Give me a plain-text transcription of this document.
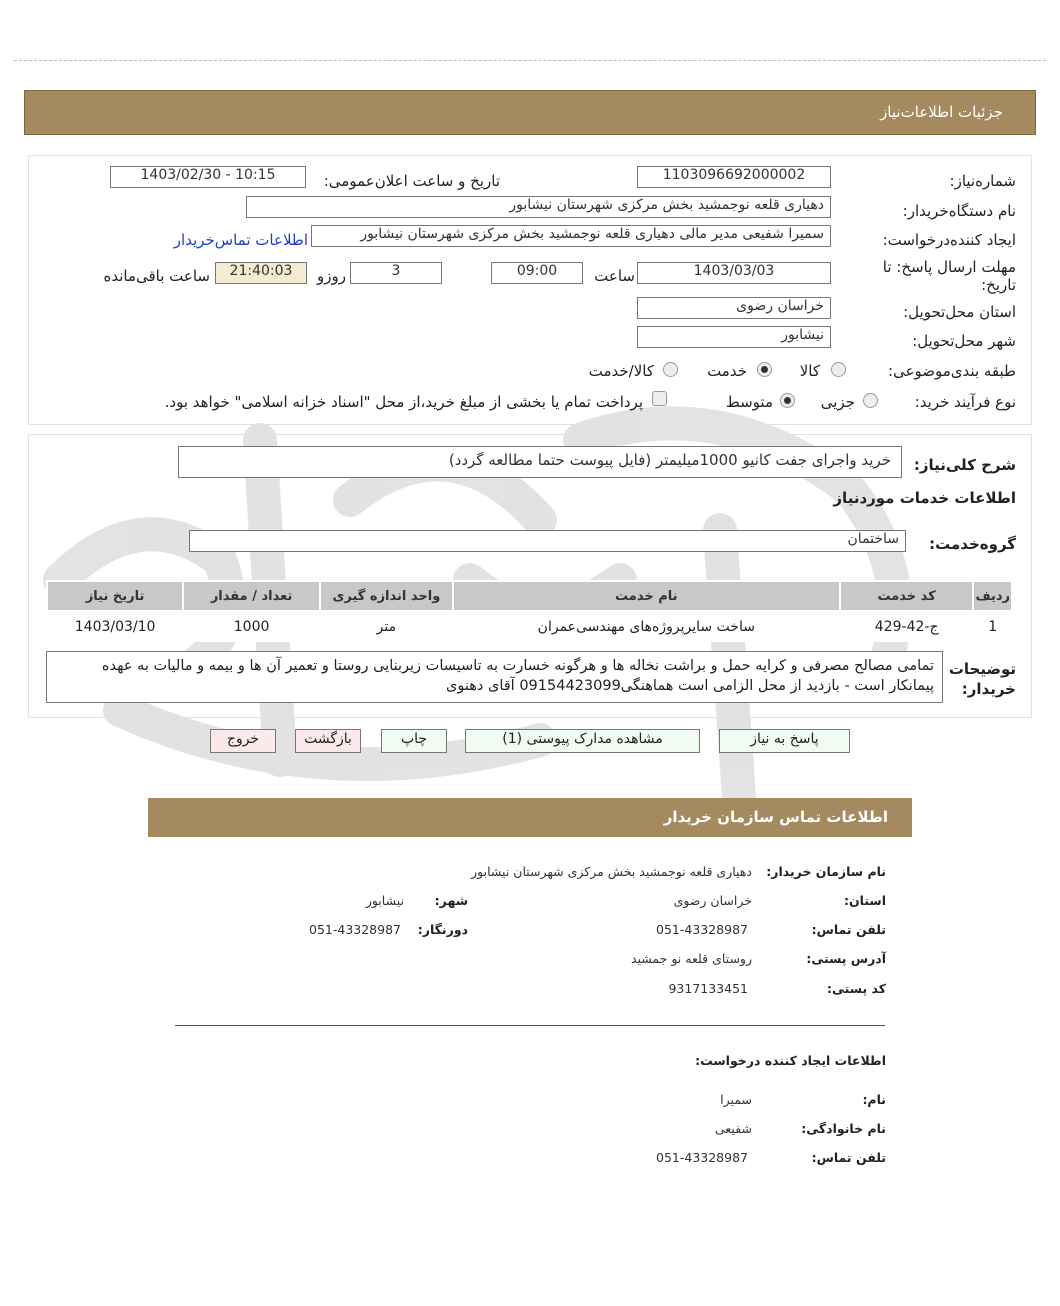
جزئیات اطلاعات‌نیاز
شماره‌نیاز:
1103096692000002
تاریخ و ساعت اعلان‌عمومی:
1403/02/30 - 10:15
نام دستگاه‌خریدار:
دهیاری قلعه نوجمشید بخش مرکزی شهرستان نیشابور
ایجاد کننده‌درخواست:
سمیرا شفیعی مدیر مالی دهیاری قلعه نوجمشید بخش مرکزی شهرستان نیشابور
اطلاعات تماس‌خریدار
مهلت ارسال پاسخ: تا
تاریخ:
1403/03/03
ساعت
09:00
3
روزو
21:40:03
ساعت باقی‌مانده
استان محل‌تحویل:
خراسان رضوی
شهر محل‌تحویل:
نیشابور
طبقه بندی‌موضوعی:
کالا
خدمت
کالا/خدمت
نوع فرآیند خرید:
جزیی
متوسط
پرداخت تمام یا بخشی از مبلغ خرید،از محل "اسناد خزانه اسلامی" خواهد بود.
شرح کلی‌نیاز:
خرید واجرای جفت کانیو 1000میلیمتر (فایل پیوست حتما مطالعه گردد)
اطلاعات خدمات موردنیاز
گروه‌خدمت:
ساختمان
ردیف	کد خدمت	نام خدمت	واحد اندازه گیری	تعداد / مقدار	تاریخ نیاز
1	ج-42-429	ساخت سایرپروژه‌های مهندسی‌عمران	متر	1000	1403/03/10
توضیحات
خریدار:
تمامی مصالح مصرفی و کرایه حمل و براشت نخاله ها و هرگونه خسارت به تاسیسات زیربنایی روستا و تعمیر آن ها و بیمه و مالیات به عهده پیمانکار است - بازدید از محل الزامی است هماهنگی09154423099 آقای دهنوی
پاسخ به نیاز
مشاهده مدارک پیوستی (1)
چاپ
بازگشت
خروج
اطلاعات تماس سازمان خریدار
نام سازمان خریدار:
دهیاری قلعه نوجمشید بخش مرکزی شهرستان نیشابور
استان:
خراسان رضوی
شهر:
نیشابور
تلفن تماس:
051-43328987
دورنگار:
051-43328987
آدرس پستی:
روستای قلعه نو جمشید
کد پستی:
9317133451
اطلاعات ایجاد کننده درخواست:
نام:
سمیرا
نام خانوادگی:
شفیعی
تلفن تماس:
051-43328987
